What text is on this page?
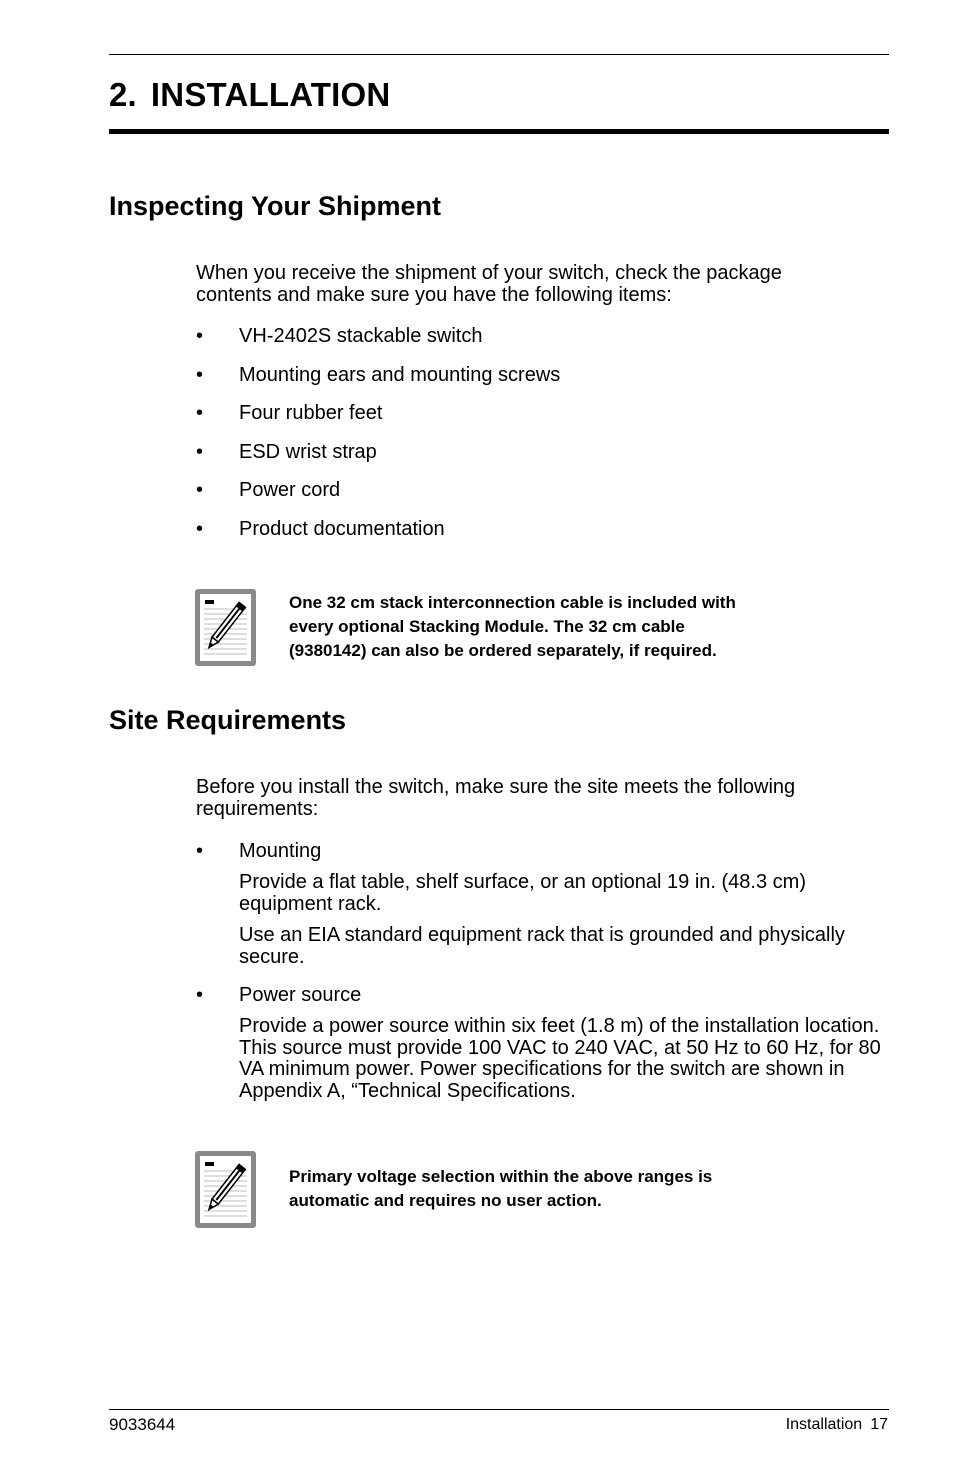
2. INSTALLATION
Inspecting Your Shipment

When you receive the shipment of your switch, check the package contents and make sure you have the following items:

• VH-2402S stackable switch
• Mounting ears and mounting screws
• Four rubber feet
• ESD wrist strap
• Power cord
• Product documentation
One 32 cm stack interconnection cable is included with
every optional Stacking Module. The 32 cm cable
(9380142) can also be ordered separately, if required.
Site Requirements

Before you install the switch, make sure the site meets the following requirements:

• Mounting

Provide a flat table, shelf surface, or an optional 19 in. (48.3 cm) equipment rack.

Use an EIA standard equipment rack that is grounded and physically secure.

• Power source

Provide a power source within six feet (1.8 m) of the installation location. This source must provide 100 VAC to 240 VAC, at 50 Hz to 60 Hz, for 80 VA minimum power. Power specifications for the switch are shown in Appendix A, “Technical Specifications.

Primary voltage selection within the above ranges is
automatic and requires no user action.
9033644	Installation 17
